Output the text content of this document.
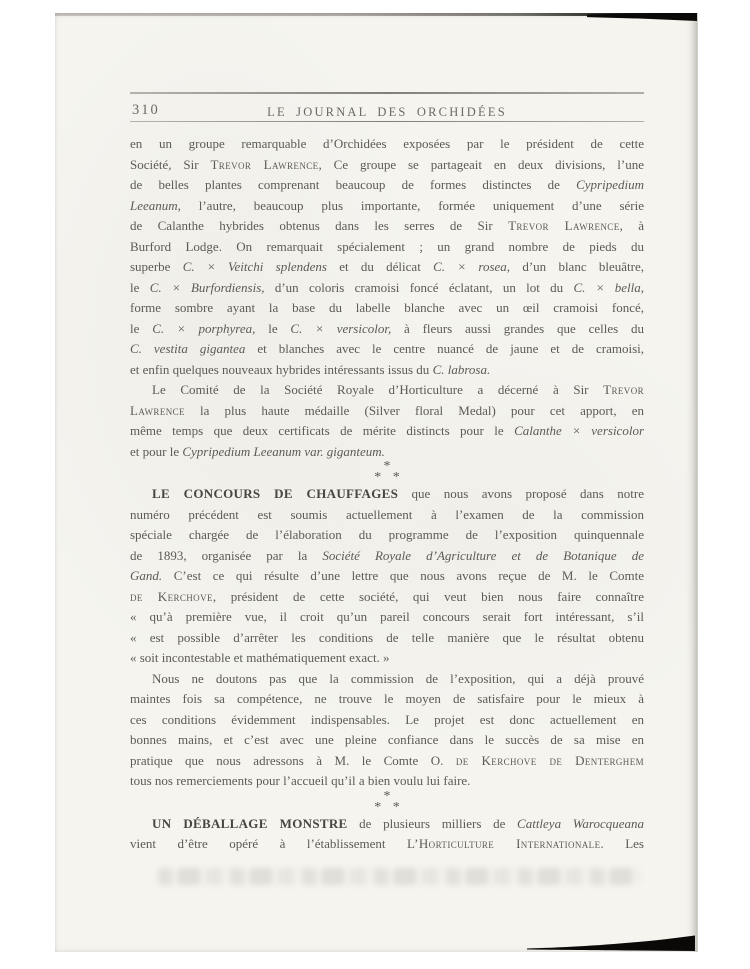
310	LE JOURNAL DES ORCHIDÉES
en un groupe remarquable d’Orchidées exposées par le président de cette
Société, Sir Trevor Lawrence, Ce groupe se partageait en deux divisions, l’une
de belles plantes comprenant beaucoup de formes distinctes de Cypripedium
Leeanum, l’autre, beaucoup plus importante, formée uniquement d’une série
de Calanthe hybrides obtenus dans les serres de Sir Trevor Lawrence, à
Burford Lodge. On remarquait spécialement ; un grand nombre de pieds du
superbe C. × Veitchi splendens et du délicat C. × rosea, d’un blanc bleuâtre,
le C. × Burfordiensis, d’un coloris cramoisi foncé éclatant, un lot du C. × bella,
forme sombre ayant la base du labelle blanche avec un œil cramoisi foncé,
le C. × porphyrea, le C. × versicolor, à fleurs aussi grandes que celles du
C. vestita gigantea et blanches avec le centre nuancé de jaune et de cramoisi,
et enfin quelques nouveaux hybrides intéressants issus du C. labrosa.
Le Comité de la Société Royale d’Horticulture a décerné à Sir Trevor
Lawrence la plus haute médaille (Silver floral Medal) pour cet apport, en
même temps que deux certificats de mérite distincts pour le Calanthe × versicolor
et pour le Cypripedium Leeanum var. giganteum.
*
* *
LE CONCOURS DE CHAUFFAGES que nous avons proposé dans notre
numéro précédent est soumis actuellement à l’examen de la commission
spéciale chargée de l’élaboration du programme de l’exposition quinquennale
de 1893, organisée par la Société Royale d’Agriculture et de Botanique de
Gand. C’est ce qui résulte d’une lettre que nous avons reçue de M. le Comte
de Kerchove, président de cette société, qui veut bien nous faire connaître
« qu’à première vue, il croit qu’un pareil concours serait fort intéressant, s’il
« est possible d’arrêter les conditions de telle manière que le résultat obtenu
« soit incontestable et mathématiquement exact. »
Nous ne doutons pas que la commission de l’exposition, qui a déjà prouvé
maintes fois sa compétence, ne trouve le moyen de satisfaire pour le mieux à
ces conditions évidemment indispensables. Le projet est donc actuellement en
bonnes mains, et c’est avec une pleine confiance dans le succès de sa mise en
pratique que nous adressons à M. le Comte O. de Kerchove de Denterghem
tous nos remerciements pour l’accueil qu’il a bien voulu lui faire.
*
* *
UN DÉBALLAGE MONSTRE de plusieurs milliers de Cattleya Warocqueana
vient d’être opéré à l’établissement L’Horticulture Internationale. Les
